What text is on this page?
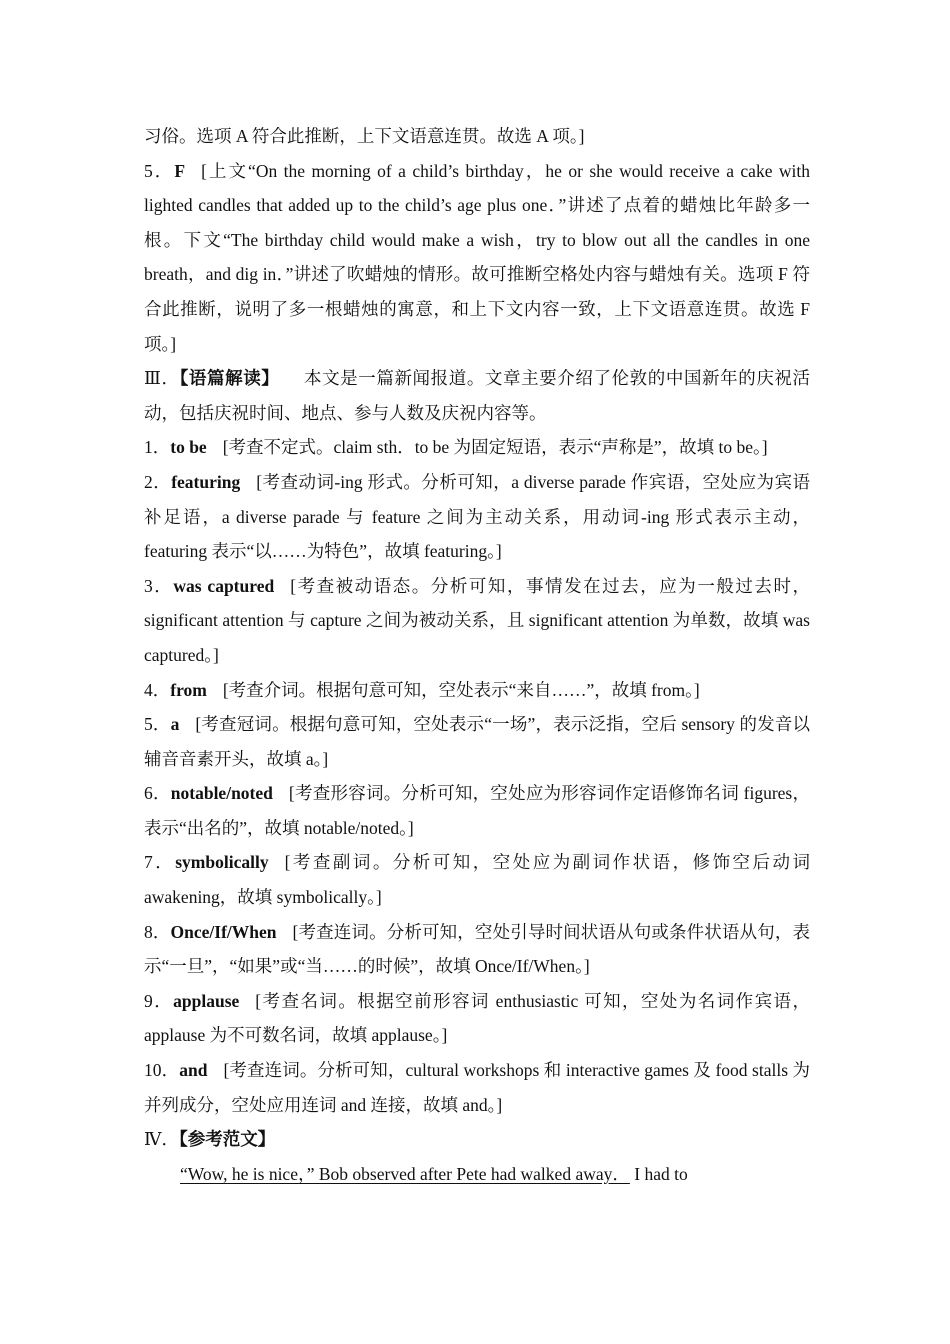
习俗。选项 A 符合此推断，上下文语意连贯。故选 A 项。]

5．F [上文“On the morning of a child’s birthday，he or she would receive a cake with lighted candles that added up to the child’s age plus one．”讲述了点着的蜡烛比年龄多一根。下文“The birthday child would make a wish，try to blow out all the candles in one breath，and dig in．”讲述了吹蜡烛的情形。故可推断空格处内容与蜡烛有关。选项 F 符合此推断，说明了多一根蜡烛的寓意，和上下文内容一致，上下文语意连贯。故选 F 项。]

Ⅲ．【语篇解读】 本文是一篇新闻报道。文章主要介绍了伦敦的中国新年的庆祝活动，包括庆祝时间、地点、参与人数及庆祝内容等。

1．to be [考查不定式。claim sth．to be 为固定短语，表示“声称是”，故填 to be。]

2．featuring [考查动词-ing 形式。分析可知，a diverse parade 作宾语，空处应为宾语补足语，a diverse parade 与 feature 之间为主动关系，用动词-ing 形式表示主动，featuring 表示“以……为特色”，故填 featuring。]

3．was captured [考查被动语态。分析可知，事情发在过去，应为一般过去时，significant attention 与 capture 之间为被动关系，且 significant attention 为单数，故填 was captured。]

4．from [考查介词。根据句意可知，空处表示“来自……”，故填 from。]

5．a [考查冠词。根据句意可知，空处表示“一场”，表示泛指，空后 sensory 的发音以辅音音素开头，故填 a。]

6．notable/noted [考查形容词。分析可知，空处应为形容词作定语修饰名词 figures，表示“出名的”，故填 notable/noted。]

7．symbolically [考查副词。分析可知，空处应为副词作状语，修饰空后动词 awakening，故填 symbolically。]

8．Once/If/When [考查连词。分析可知，空处引导时间状语从句或条件状语从句，表示“一旦”，“如果”或“当……的时候”，故填 Once/If/When。]

9．applause [考查名词。根据空前形容词 enthusiastic 可知，空处为名词作宾语，applause 为不可数名词，故填 applause。]

10．and [考查连词。分析可知，cultural workshops 和 interactive games 及 food stalls 为并列成分，空处应用连词 and 连接，故填 and。]

Ⅳ．【参考范文】

“Wow, he is nice，” Bob observed after Pete had walked away． I had to
